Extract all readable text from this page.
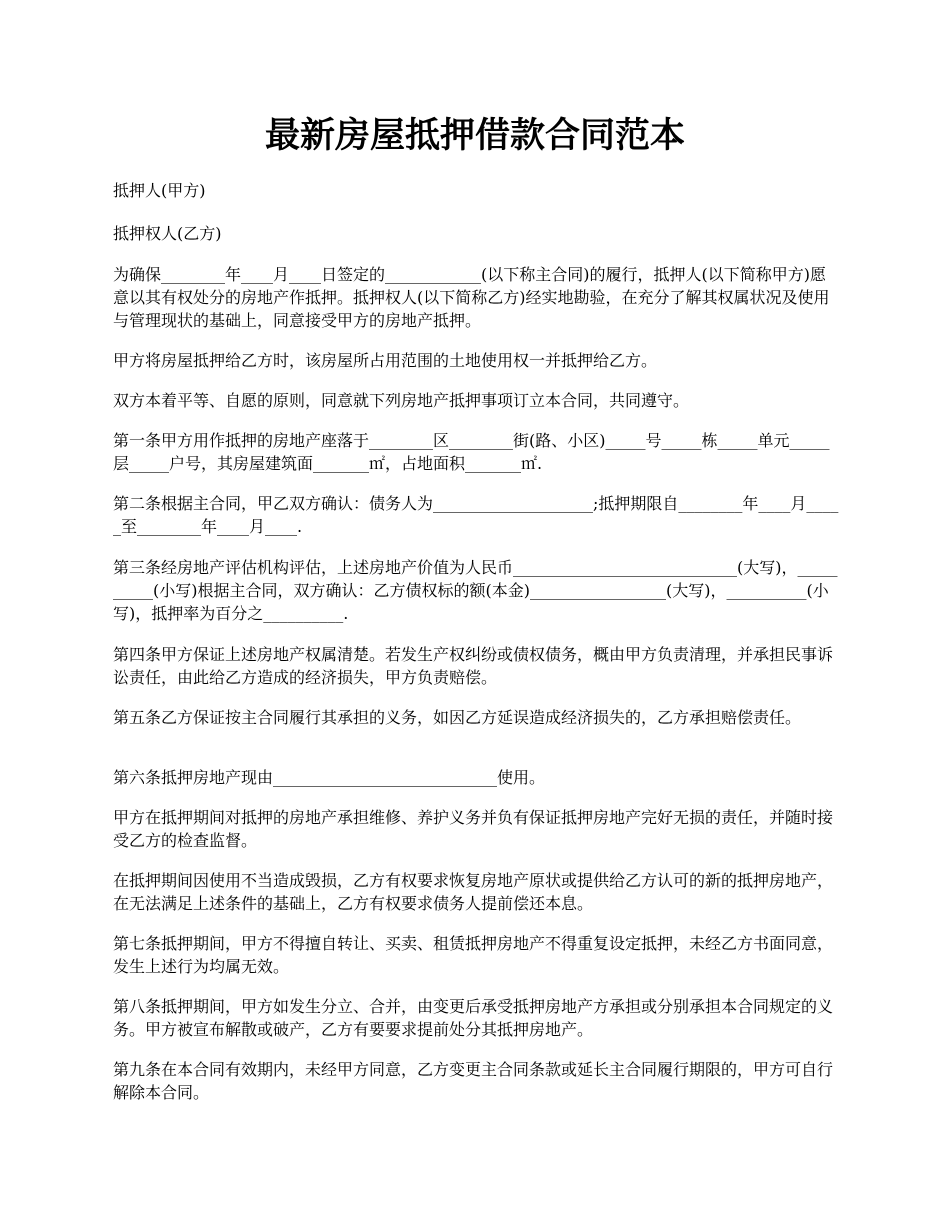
最新房屋抵押借款合同范本

抵押人(甲方)

抵押权人(乙方)

为确保________年____月____日签定的____________(以下称主合同)的履行，抵押人(以下简称甲方)愿意以其有权处分的房地产作抵押。抵押权人(以下简称乙方)经实地勘验，在充分了解其权属状况及使用与管理现状的基础上，同意接受甲方的房地产抵押。

甲方将房屋抵押给乙方时，该房屋所占用范围的土地使用权一并抵押给乙方。

双方本着平等、自愿的原则，同意就下列房地产抵押事项订立本合同，共同遵守。

第一条甲方用作抵押的房地产座落于________区________街(路、小区)_____号_____栋_____单元_____层_____户号，其房屋建筑面_______㎡，占地面积_______㎡.

第二条根据主合同，甲乙双方确认：债务人为____________________;抵押期限自________年____月_____至________年____月____.

第三条经房地产评估机构评估，上述房地产价值为人民币____________________________(大写)，__________(小写)根据主合同，双方确认：乙方债权标的额(本金)_________________(大写)，__________(小写)，抵押率为百分之__________.

第四条甲方保证上述房地产权属清楚。若发生产权纠纷或债权债务，概由甲方负责清理，并承担民事诉讼责任，由此给乙方造成的经济损失，甲方负责赔偿。

第五条乙方保证按主合同履行其承担的义务，如因乙方延误造成经济损失的，乙方承担赔偿责任。

第六条抵押房地产现由____________________________使用。

甲方在抵押期间对抵押的房地产承担维修、养护义务并负有保证抵押房地产完好无损的责任，并随时接受乙方的检查监督。

在抵押期间因使用不当造成毁损，乙方有权要求恢复房地产原状或提供给乙方认可的新的抵押房地产，在无法满足上述条件的基础上，乙方有权要求债务人提前偿还本息。

第七条抵押期间，甲方不得擅自转让、买卖、租赁抵押房地产不得重复设定抵押，未经乙方书面同意，发生上述行为均属无效。

第八条抵押期间，甲方如发生分立、合并，由变更后承受抵押房地产方承担或分别承担本合同规定的义务。甲方被宣布解散或破产，乙方有要要求提前处分其抵押房地产。

第九条在本合同有效期内，未经甲方同意，乙方变更主合同条款或延长主合同履行期限的，甲方可自行解除本合同。
